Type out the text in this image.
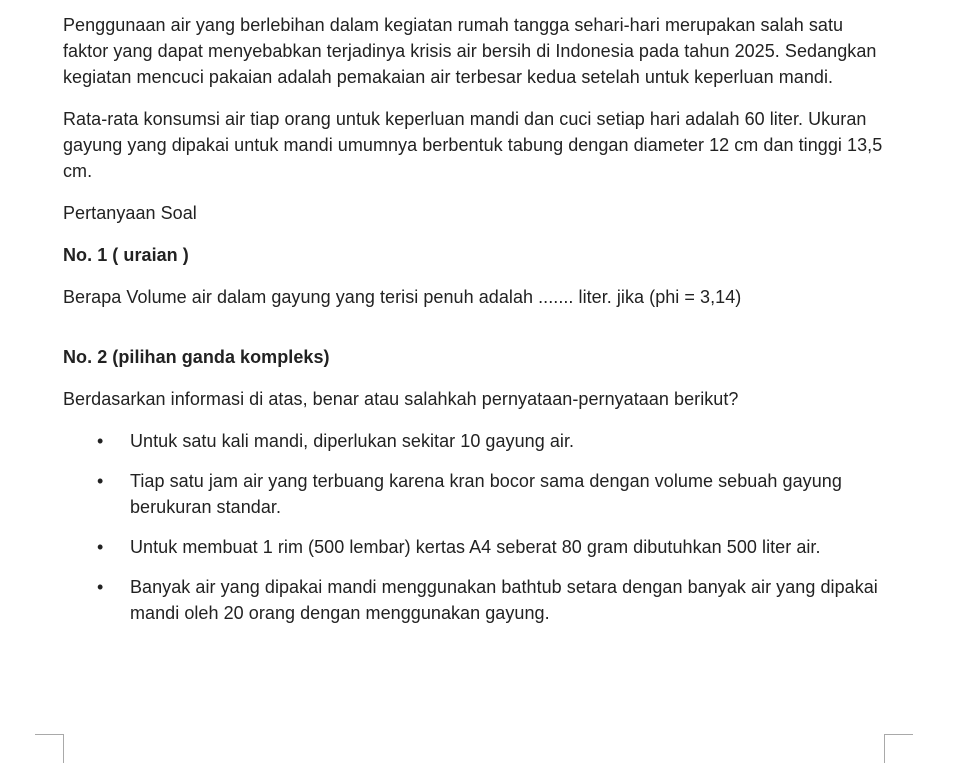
Penggunaan air yang berlebihan dalam kegiatan rumah tangga sehari-hari merupakan salah satu faktor yang dapat menyebabkan terjadinya krisis air bersih di Indonesia pada tahun 2025. Sedangkan kegiatan mencuci pakaian adalah pemakaian air terbesar kedua setelah untuk keperluan mandi.

Rata-rata konsumsi air tiap orang untuk keperluan mandi dan cuci setiap hari adalah 60 liter. Ukuran gayung yang dipakai untuk mandi umumnya berbentuk tabung dengan diameter 12 cm dan tinggi 13,5 cm.

Pertanyaan Soal

No. 1 ( uraian )

Berapa Volume air dalam gayung yang terisi penuh adalah ....... liter. jika (phi = 3,14)

No. 2 (pilihan ganda kompleks)

Berdasarkan informasi di atas, benar atau salahkah pernyataan-pernyataan berikut?

• Untuk satu kali mandi, diperlukan sekitar 10 gayung air.
• Tiap satu jam air yang terbuang karena kran bocor sama dengan volume sebuah gayung berukuran standar.
• Untuk membuat 1 rim (500 lembar) kertas A4 seberat 80 gram dibutuhkan 500 liter air.
• Banyak air yang dipakai mandi menggunakan bathtub setara dengan banyak air yang dipakai mandi oleh 20 orang dengan menggunakan gayung.
